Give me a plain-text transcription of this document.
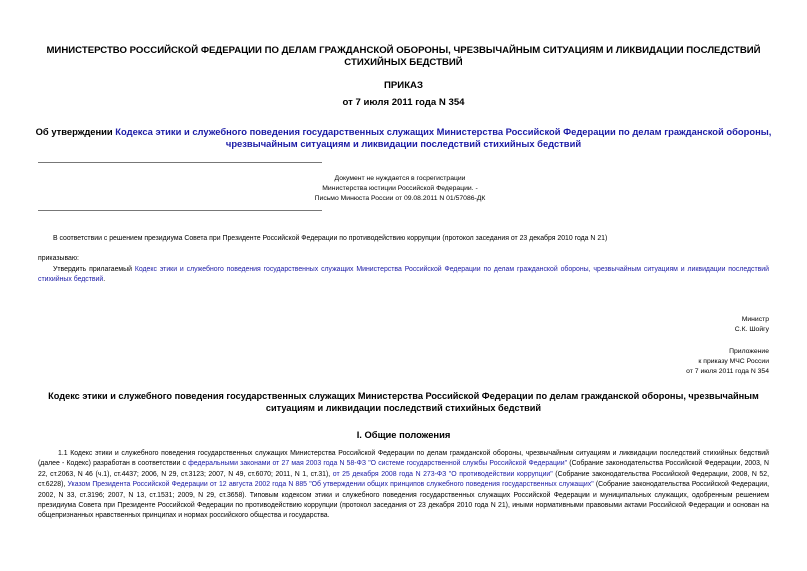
МИНИСТЕРСТВО РОССИЙСКОЙ ФЕДЕРАЦИИ ПО ДЕЛАМ ГРАЖДАНСКОЙ ОБОРОНЫ, ЧРЕЗВЫЧАЙНЫМ СИТУАЦИЯМ И ЛИКВИДАЦИИ ПОСЛЕДСТВИЙ СТИХИЙНЫХ БЕДСТВИЙ
ПРИКАЗ
от 7 июля 2011 года N 354
Об утверждении Кодекса этики и служебного поведения государственных служащих Министерства Российской Федерации по делам гражданской обороны, чрезвычайным ситуациям и ликвидации последствий стихийных бедствий
Документ не нуждается в госрегистрации
Министерства юстиции Российской Федерации. -
Письмо Минюста России от 09.08.2011 N 01/57086-ДК
В соответствии с решением президиума Совета при Президенте Российской Федерации по противодействию коррупции (протокол заседания от 23 декабря 2010 года N 21)
приказываю:
Утвердить прилагаемый Кодекс этики и служебного поведения государственных служащих Министерства Российской Федерации по делам гражданской обороны, чрезвычайным ситуациям и ликвидации последствий стихийных бедствий.
Министр
С.К. Шойгу
Приложение
к приказу МЧС России
от 7 июля 2011 года N 354
Кодекс этики и служебного поведения государственных служащих Министерства Российской Федерации по делам гражданской обороны, чрезвычайным ситуациям и ликвидации последствий стихийных бедствий
I. Общие положения
1.1 Кодекс этики и служебного поведения государственных служащих Министерства Российской Федерации по делам гражданской обороны, чрезвычайным ситуациям и ликвидации последствий стихийных бедствий (далее - Кодекс) разработан в соответствии с федеральными законами от 27 мая 2003 года N 58-ФЗ "О системе государственной службы Российской Федерации" (Собрание законодательства Российской Федерации, 2003, N 22, ст.2063, N 46 (ч.1), ст.4437; 2006, N 29, ст.3123; 2007, N 49, ст.6070; 2011, N 1, ст.31), от 25 декабря 2008 года N 273-ФЗ "О противодействии коррупции" (Собрание законодательства Российской Федерации, 2008, N 52, ст.6228), Указом Президента Российской Федерации от 12 августа 2002 года N 885 "Об утверждении общих принципов служебного поведения государственных служащих" (Собрание законодательства Российской Федерации, 2002, N 33, ст.3196; 2007, N 13, ст.1531; 2009, N 29, ст.3658). Типовым кодексом этики и служебного поведения государственных служащих Российской Федерации и муниципальных служащих, одобренным решением президиума Совета при Президенте Российской Федерации по противодействию коррупции (протокол заседания от 23 декабря 2010 года N 21), иными нормативными правовыми актами Российской Федерации и основан на общепризнанных нравственных принципах и нормах российского общества и государства.
